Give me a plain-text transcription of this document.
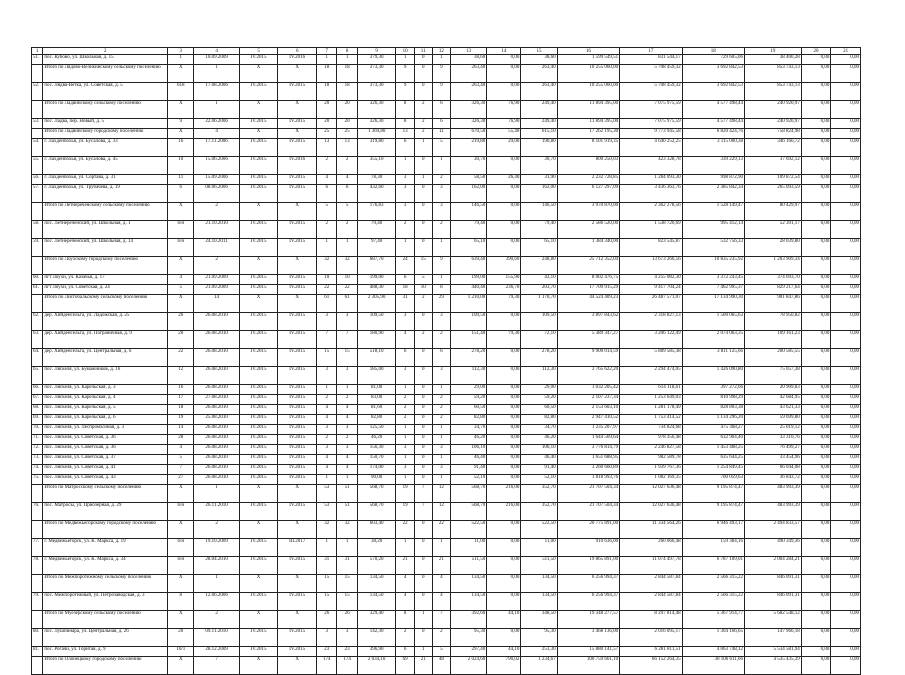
1	2	3	4	5	6	7	8	9	10	11	12	13	14	15	16	17	18	19	20	21
51.	пос. Кубово, ул. Школьная, д. 15	1	10.09.2009	IV.2015	IV.2016	1	1	379,30	1	0	1	38,60	0,00	38,60	1 599 549,51	831 544,17	729 605,06	38 400,28	0,00	0,00
	Итого по Лядово-Великинскому сельскому поселению	X	1	X	X	18	18	373,30	9	0	9	263,40	0,00	263,40	10 255 060,00	5 708 459,32	3 692 842,53	853 743,13	0,00	0,00
52.	пос. Лядва-Ветка, ул. Советская, д. 5	618	17.08.2006	IV.2015	IV.2015	18	18	373,30	9	0	9	263,40	0,00	263,40	10 255 060,00	5 708 459,32	3 692 842,53	853 743,13	0,00	0,00
	Итого по Ладвинскому сельскому поселению	X	1	X	X	20	20	326,30	8	2	6	326,30	76,90	249,40	11 894 395,00	7 075 975,59	4 577 498,44	240 920,97	0,00	0,00
53.	пос. Ладва, пер. Новый, д. 5	9	22.06.2006	IV.2015	IV.2015	20	20	326,30	8	2	6	326,30	76,90	249,40	11 894 395,00	7 075 975,59	4 577 498,44	240 920,97	0,00	0,00
	Итого по Ладвинскому городскому поселению	X	4	X	X	25	25	1 369,80	13	2	11	670,50	55,40	615,10	17 262 195,30	9 773 945,58	6 820 424,76	758 824,98	0,00	0,00
54.	г. Лахденпохья, ул. Бусалова, д. 33	16	17.11.2006	IV.2015	IV.2015	13	13	319,80	6	1	5	219,80	29,00	190,80	8 101 919,35	4 640 252,25	3 115 000,38	346 166,72	0,00	0,00
55.	г. Лахденпохья, ул. Бусалова, д. 45	10	15.06.2006	IV.2015	IV.2016	2	2	355,10	1	0	1	30,70	0,00	30,70	800 250,03	423 328,78	339 229,13	37 692,12	0,00	0,00
56.	г. Лахденпохья, ул. Сортава, д. 31	11	15.09.2006	IV.2015	IV.2015	4	4	78,30	3	1	2	58,50	26,40	31,90	2 232 728,85	1 284 093,30	998 872,90	109 872,54	0,00	0,00
57.	г. Лахденпохья, ул. Трубачева, д. 19	6	08.06.2006	IV.2015	IV.2015	6	6	432,60	3	0	3	162,00	0,00	162,00	6 127 297,09	3 436 363,76	2 385 842,34	265 093,59	0,00	0,00
	Итого по Летнереченскому сельскому поселению	X	2	X	X	5	5	176,83	3	0	3	146,50	0,00	146,50	3 970 870,00	2 362 278,56	1 528 149,47	80 429,97	0,00	0,00
58.	пос. Летнереченский, ул. Школьная, д. 1	б/н	21.10.2010	IV.2015	IV.2015	2	2	79,40	2	0	2	79,40	0,00	79,40	2 586 520,00	1 538 726,69	995 412,14	52 391,17	0,00	0,00
59.	пос. Летнереченский, ул. Школьная, д. 14	б/н	24.10.2011	IV.2015	IV.2015	1	1	97,40	1	0	1	65,10	0,00	65,10	1 384 340,00	823 545,87	532 756,33	28 039,80	0,00	0,00
	Итого по Лоухскому городскому поселению	X	2	X	X	32	32	687,70	24	15	9	639,40	390,60	248,80	25 712 352,04	13 673 266,56	10 835 235,92	1 203 909,34	0,00	0,00
60.	пгт Лоухи, ул. Казачья, д. 17	4	21.09.2009	IV.2015	IV.2015	10	10	199,00	6	5	1	199,00	155,90	43,10	8 002 476,75	4 255 082,30	3 372 243,45	374 693,70	0,00	0,00
61.	пгт Лоухи, ул. Советская, д. 24	5	21.09.2009	IV.2015	IV.2015	22	22	488,30	18	10	8	440,40	236,70	203,70	17 709 915,29	9 417 704,24	7 462 995,37	829 217,64	0,00	0,00
	Итого по Лисгобальскому сельскому поселению	X	14	X	X	61	61	2 305,90	31	2	29	1 210,00	79,30	1 170,70	44 524 409,23	26 487 571,07	17 134 990,30	901 847,86	0,00	0,00
62.	дер. Хийденсельга, ул. Ладожская, д. 25	26	26.08.2010	IV.2015	IV.2015	3	3	109,50	3	0	3	109,50	0,00	109,50	3 897 843,62	2 318 827,13	1 500 065,63	78 950,82	0,00	0,00
63.	дер. Хийденсельга, ул. Пограничная, д. 9	20	26.08.2010	IV.2015	IV.2015	7	7	180,90	4	2	2	151,40	79,30	72,10	5 389 347,27	3 206 122,49	2 074 063,35	109 161,23	0,00	0,00
64.	дер. Хийденсельга, ул. Центральная, д. 6	22	26.08.2010	IV.2015	IV.2015	15	15	518,10	6	0	6	278,20	0,00	278,20	9 900 014,59	5 889 585,38	3 811 125,66	200 585,55	0,00	0,00
65.	пос. Ляскеля, ул. Бумажников, д. 16	12	26.08.2010	IV.2015	IV.2015	3	3	185,00	3	0	3	112,30	0,00	112,30	3 765 622,20	2 294 474,05	1 426 090,80	75 057,38	0,00	0,00
66.	пос. Ляскеля, ул. Карельская, д. 3	16	26.08.2010	IV.2015	IV.2015	1	1	81,00	1	0	1	29,00	0,00	29,00	1 032 205,42	614 118,61	397 272,66	20 909,83	0,00	0,00
67.	пос. Ляскеля, ул. Карельская, д. 4	17	27.08.2010	IV.2015	IV.2015	2	2	83,00	2	0	2	59,20	0,00	59,20	2 107 237,34	1 253 649,03	810 998,29	42 684,95	0,00	0,00
68.	пос. Ляскеля, ул. Карельская, д. 5	18	26.08.2010	IV.2015	IV.2015	4	4	81,60	2	0	2	60,50	0,00	60,50	2 153 603,10	1 281 178,49	828 803,38	43 621,33	0,00	0,00
69.	пос. Ляскеля, ул. Карельская, д. 6	19	25.08.2010	IV.2015	IV.2015	4	4	82,80	2	0	2	82,80	0,00	82,80	2 947 410,52	1 753 414,52	1 134 296,20	59 699,80	0,00	0,00
70.	пос. Ляскеля, ул. Леспромхозная, д. 3	14	26.08.2010	IV.2015	IV.2015	3	3	125,50	1	0	1	34,70	0,00	34,70	1 235 207,97	734 824,68	475 368,27	25 019,12	0,00	0,00
71.	пос. Ляскеля, ул. Советская, д. 36	28	26.08.2010	IV.2015	IV.2015	2	2	46,20	1	0	1	46,20	0,00	46,20	1 644 569,64	978 356,48	632 904,40	33 310,76	0,00	0,00
72.	пос. Ляскеля, ул. Советская, д. 36	4	26.08.2010	IV.2015	IV.2015	3	3	156,30	3	0	3	106,10	0,00	106,10	3 776 814,79	2 246 827,58	1 453 488,25	76 499,27	0,00	0,00
73.	пос. Ляскеля, ул. Советская, д. 37	5	26.08.2010	IV.2015	IV.2015	4	4	150,70	1	0	1	46,40	0,00	46,40	1 651 688,95	982 589,78	635 644,25	33 454,96	0,00	0,00
74.	пос. Ляскеля, ул. Советская, д. 41	7	26.08.2010	IV.2015	IV.2015	4	4	174,00	3	0	3	91,40	0,00	91,40	3 260 660,89	1 939 767,36	1 254 849,45	66 044,08	0,00	0,00
75.	пос. Ляскеля, ул. Советская, д. 43	27	26.08.2010	IV.2015	IV.2015	1	1	90,00	1	0	1	52,10	0,00	52,10	1 818 993,76	1 082 169,35	700 059,63	36 843,72	0,00	0,00
	Итого по Матросскому сельскому поселению	X	1	X	X	53	51	568,70	19	7	12	568,70	216,00	352,70	21 707 504,34	12 027 636,48	9 195 874,47	483 993,39	0,00	0,00
76.	пос. Матросы, ул. Приозерная, д. 29	б/н	26.11.2010	IV.2015	IV.2015	53	51	568,70	19	7	12	568,70	216,00	352,70	21 707 504,34	12 027 636,48	9 195 874,47	483 993,39	0,00	0,00
	Итого по Медвежьегорскому городскому поселению	X	2	X	X	32	32	603,40	22	0	22	522,50	0,00	522,50	20 775 891,00	11 334 564,26	6 946 493,17	2 494 833,57	0,00	0,00
77.	г. Медвежьегорск, ул. К. Маркса, д. 19	б/н	19.10.2009	IV.2015	III.2017	1	1	38,20	1	0	1	11,00	0,00	11,00	910 636,00	260 066,48	159 384,16	490 349,36	0,00	0,00
78.	г. Медвежьегорск, ул. К. Маркса, д. 34	б/н	28.04.2010	IV.2015	IV.2015	31	31	570,20	21	0	21	511,50	0,00	511,50	19 865 891,00	11 074 497,78	6 787 109,01	2 004 284,21	0,00	0,00
	Итого по Межпоротежному сельскому поселению	X	1	X	X	15	15	134,50	4	0	4	134,50	0,00	134,50	6 256 994,37	2 844 587,84	2 566 315,22	846 091,31	0,00	0,00
79.	пос. Межпоротежный, ул. Петрозаводская, д. 3	8	12.06.2006	IV.2015	IV.2015	15	15	134,50	4	0	4	134,50	0,00	134,50	6 256 994,37	2 844 587,84	2 566 315,22	846 091,31	0,00	0,00
	Итого по Муезерскому сельскому поселению	X	2	X	X	26	26	329,40	8	1	7	392,60	44,10	348,50	19 348 277,57	8 297 814,48	5 367 914,77	5 682 548,12	0,00	0,00
80.	пос. Лушпинара, ул. Центральная, д. 26	20	09.11.2010	IV.2015	IV.2015	3	3	142,30	2	0	2	95,30	0,00	95,30	3 468 136,00	2 016 095,17	1 304 166,65	147 966,18	0,00	0,00
81.	пос. Рогачи, ул. Горитая, д. 9	10/1	28.12.2009	IV.2015	IV.2015	23	23	396,90	6	1	5	297,40	44,10	253,30	15 880 141,57	6 281 811,51	4 063 748,12	5 534 581,94	0,00	0,00
	Итого по Олонецкому городскому поселению	X	7	X	X	174	174	2 034,10	69	21	48	2 024,60	790,02	1 234,67	100 759 661,10	66 152 264,35	30 106 611,66	4 535 435,39	0,00	0,00
